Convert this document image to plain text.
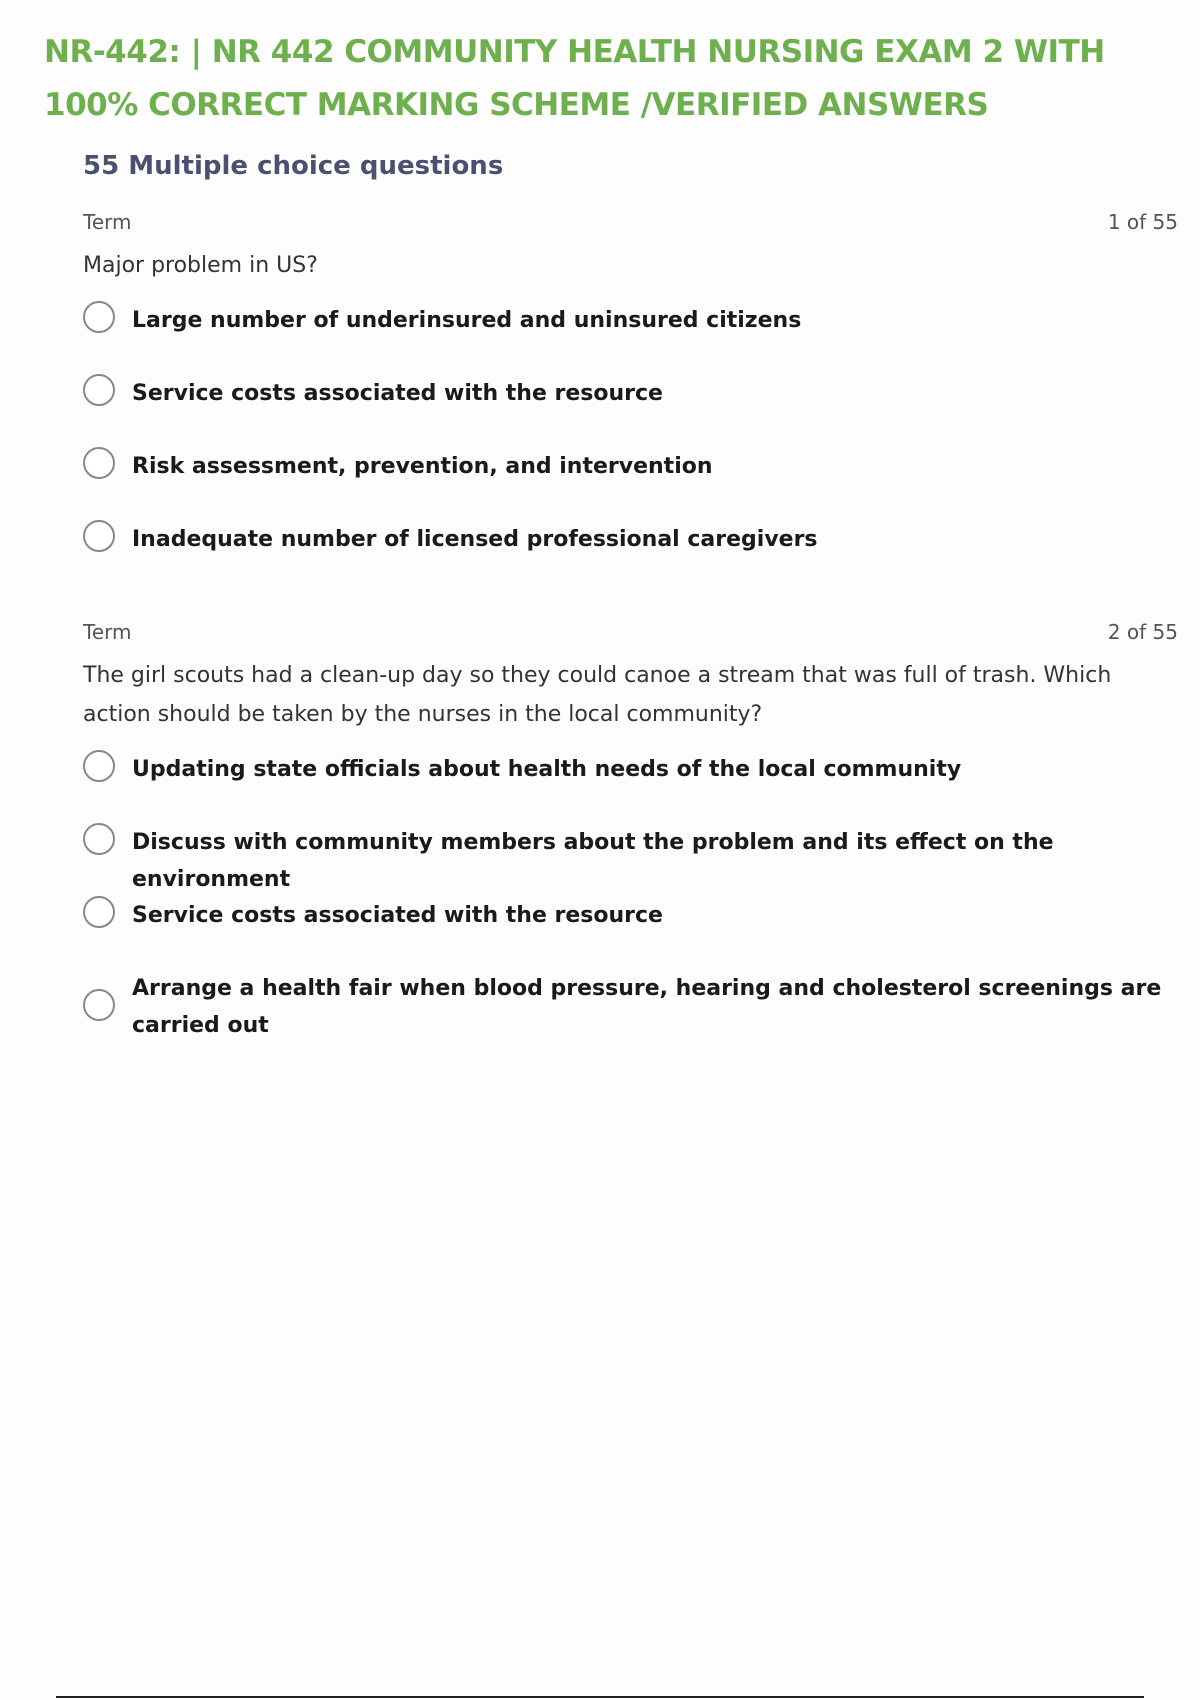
NR-442: | NR 442 COMMUNITY HEALTH NURSING EXAM 2 WITH 100% CORRECT MARKING SCHEME /VERIFIED ANSWERS
55 Multiple choice questions
Term	1 of 55

Major problem in US?

Large number of underinsured and uninsured citizens
Service costs associated with the resource
Risk assessment, prevention, and intervention
Inadequate number of licensed professional caregivers
Term	2 of 55

The girl scouts had a clean-up day so they could canoe a stream that was full of trash. Which action should be taken by the nurses in the local community?

Updating state officials about health needs of the local community
Discuss with community members about the problem and its effect on the environment
Service costs associated with the resource
Arrange a health fair when blood pressure, hearing and cholesterol screenings are carried out
